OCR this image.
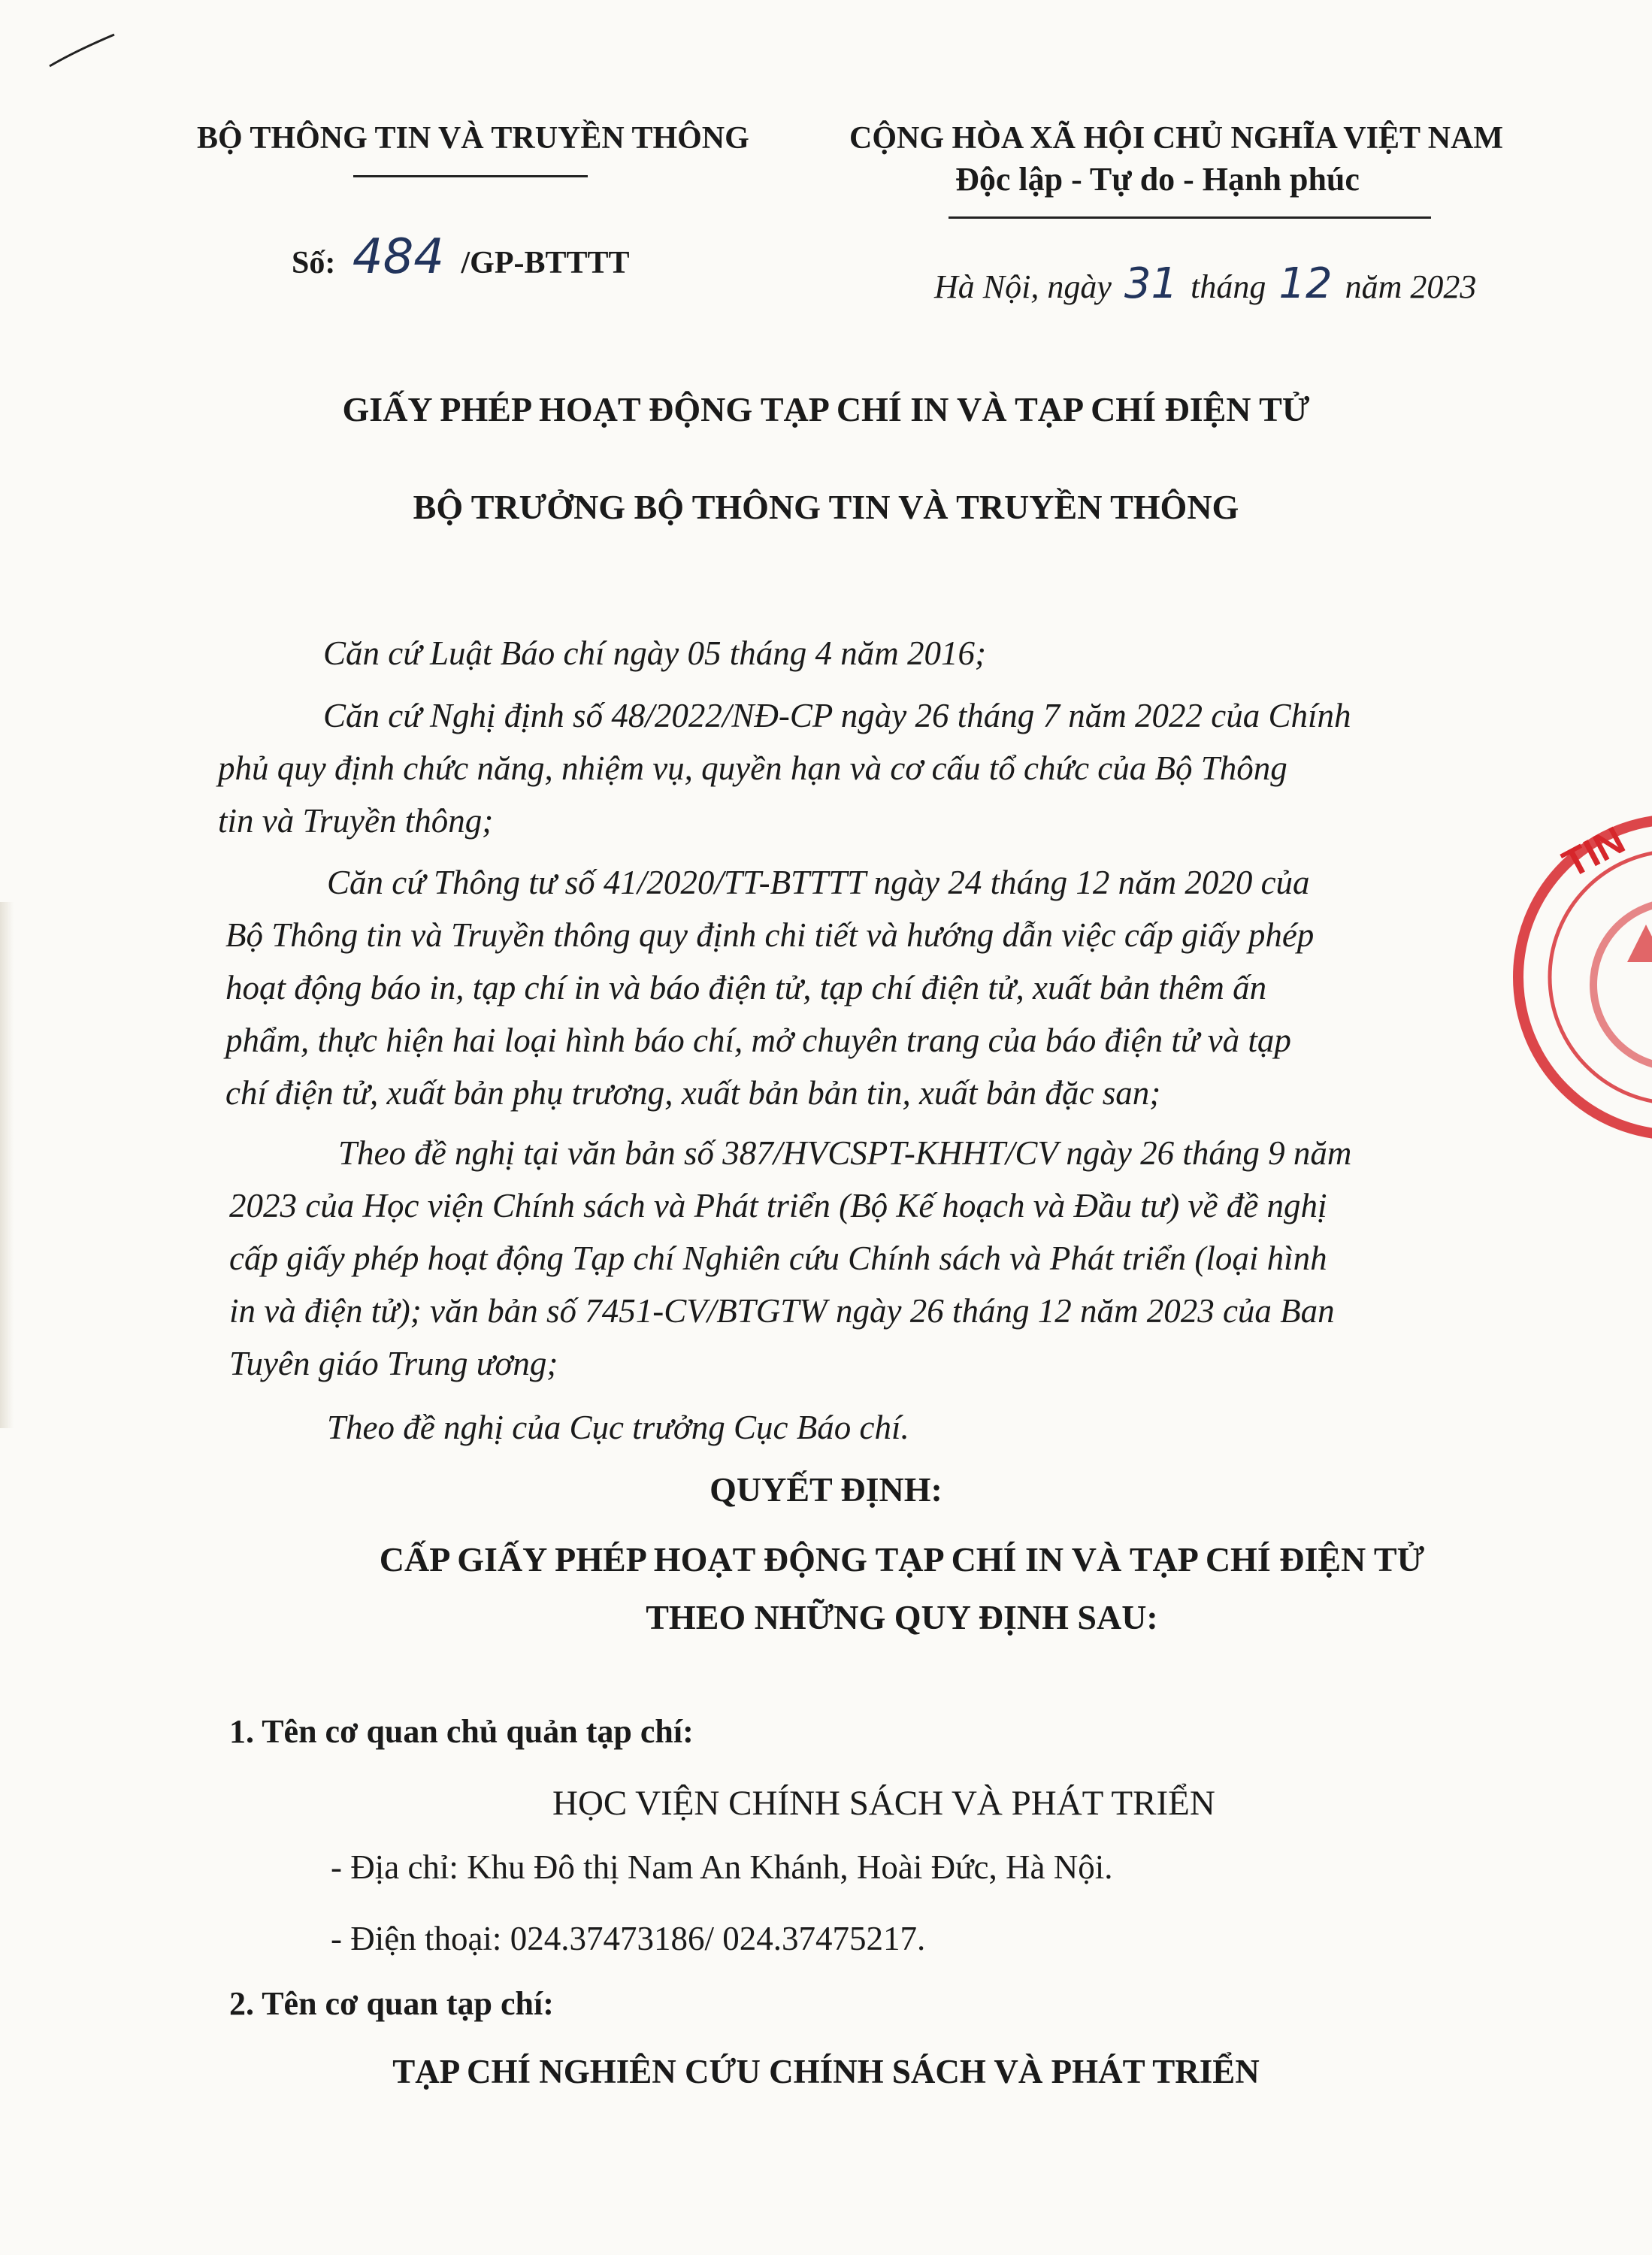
BỘ THÔNG TIN VÀ TRUYỀN THÔNG	CỘNG HÒA XÃ HỘI CHỦ NGHĨA VIỆT NAM
Độc lập - Tự do - Hạnh phúc
Số: 484 /GP-BTTTT
Hà Nội, ngày 31 tháng 12 năm 2023
GIẤY PHÉP HOẠT ĐỘNG TẠP CHÍ IN VÀ TẠP CHÍ ĐIỆN TỬ
BỘ TRƯỞNG BỘ THÔNG TIN VÀ TRUYỀN THÔNG
Căn cứ Luật Báo chí ngày 05 tháng 4 năm 2016;
Căn cứ Nghị định số 48/2022/NĐ-CP ngày 26 tháng 7 năm 2022 của Chính
phủ quy định chức năng, nhiệm vụ, quyền hạn và cơ cấu tổ chức của Bộ Thông
tin và Truyền thông;
Căn cứ Thông tư số 41/2020/TT-BTTTT ngày 24 tháng 12 năm 2020 của
Bộ Thông tin và Truyền thông quy định chi tiết và hướng dẫn việc cấp giấy phép
hoạt động báo in, tạp chí in và báo điện tử, tạp chí điện tử, xuất bản thêm ấn
phẩm, thực hiện hai loại hình báo chí, mở chuyên trang của báo điện tử và tạp
chí điện tử, xuất bản phụ trương, xuất bản bản tin, xuất bản đặc san;
Theo đề nghị tại văn bản số 387/HVCSPT-KHHT/CV ngày 26 tháng 9 năm
2023 của Học viện Chính sách và Phát triển (Bộ Kế hoạch và Đầu tư) về đề nghị
cấp giấy phép hoạt động Tạp chí Nghiên cứu Chính sách và Phát triển (loại hình
in và điện tử); văn bản số 7451-CV/BTGTW ngày 26 tháng 12 năm 2023 của Ban
Tuyên giáo Trung ương;
Theo đề nghị của Cục trưởng Cục Báo chí.
QUYẾT ĐỊNH:
CẤP GIẤY PHÉP HOẠT ĐỘNG TẠP CHÍ IN VÀ TẠP CHÍ ĐIỆN TỬ
THEO NHỮNG QUY ĐỊNH SAU:
1. Tên cơ quan chủ quản tạp chí:
HỌC VIỆN CHÍNH SÁCH VÀ PHÁT TRIỂN
- Địa chỉ: Khu Đô thị Nam An Khánh, Hoài Đức, Hà Nội.
- Điện thoại: 024.37473186/ 024.37475217.
2. Tên cơ quan tạp chí:
TẠP CHÍ NGHIÊN CỨU CHÍNH SÁCH VÀ PHÁT TRIỂN
TIN
